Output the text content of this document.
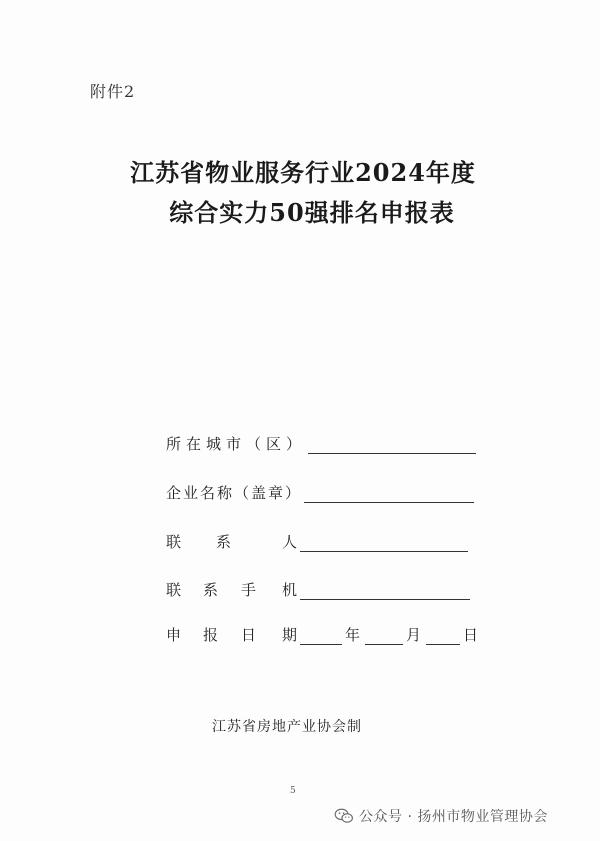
附件2
江苏省物业服务行业2024年度
综合实力50强排名申报表
所在城市（区）
企业名称（盖章）
联 系	人
联 系 手 机
申 报 日 期	年	月	日
江苏省房地产业协会制
5
公众号 · 扬州市物业管理协会
